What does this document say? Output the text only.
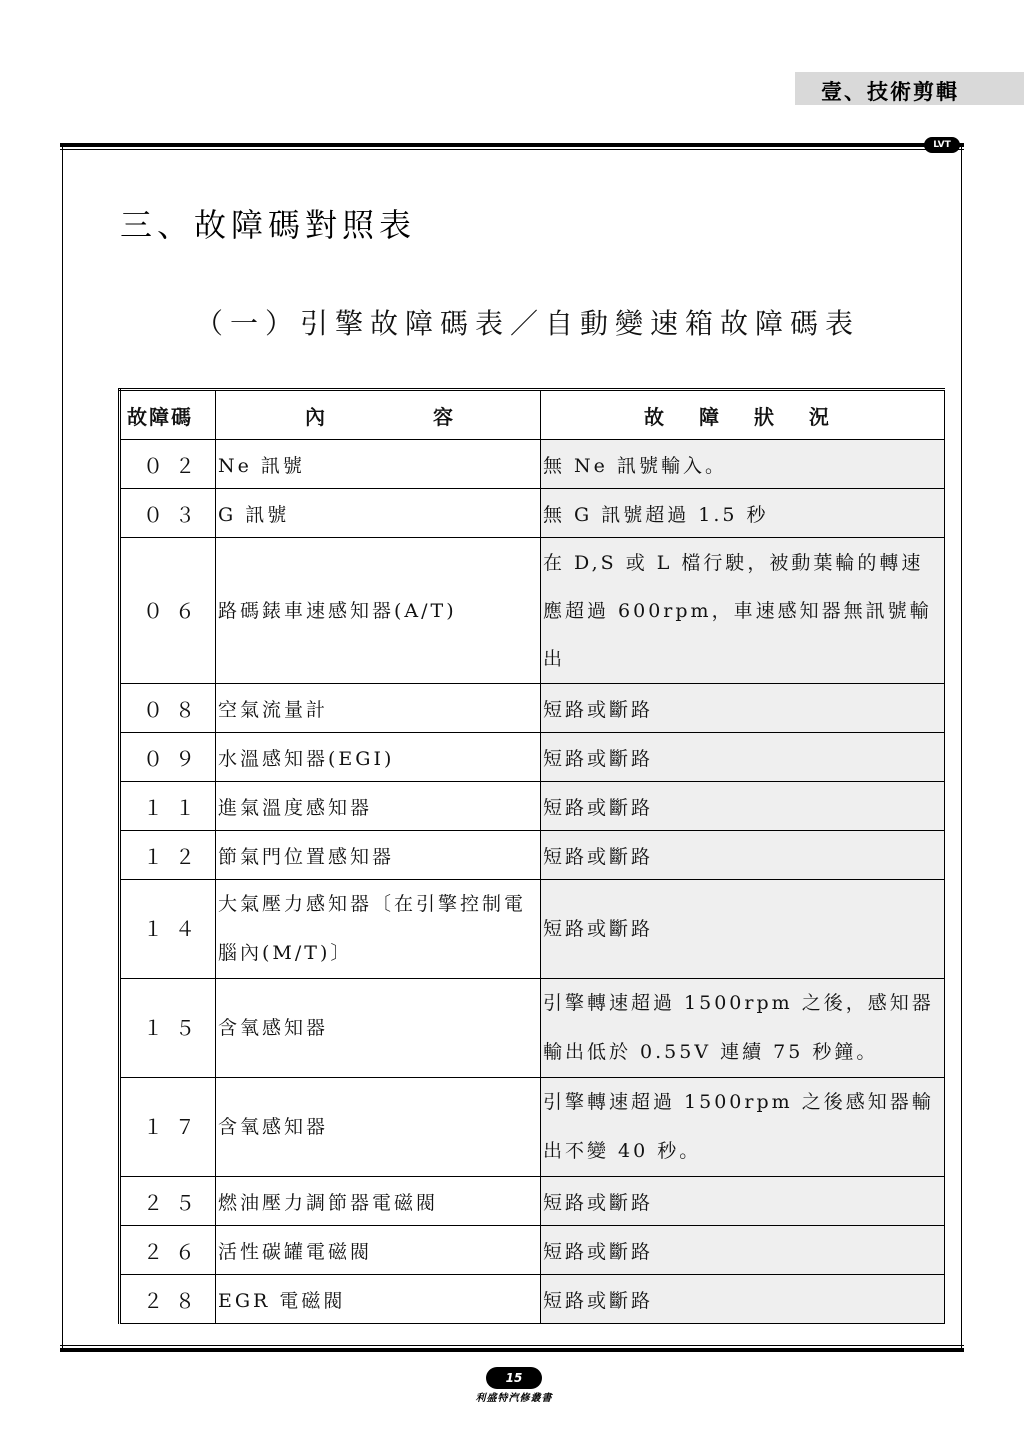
壹、技術剪輯
LVT
三、故障碼對照表
（一）引擎故障碼表／自動變速箱故障碼表
故障碼	內 容	故 障 狀 況
０２	Ne 訊號	無 Ne 訊號輸入。
０３	G 訊號	無 G 訊號超過 1.5 秒
０６	路碼錶車速感知器(A/T)	在 D,S 或 L 檔行駛，被動葉輪的轉速應超過 600rpm，車速感知器無訊號輸出
０８	空氣流量計	短路或斷路
０９	水溫感知器(EGI)	短路或斷路
１１	進氣溫度感知器	短路或斷路
１２	節氣門位置感知器	短路或斷路
１４	大氣壓力感知器〔在引擎控制電腦內(M/T)〕	短路或斷路
１５	含氧感知器	引擎轉速超過 1500rpm 之後，感知器輸出低於 0.55V 連續 75 秒鐘。
１７	含氧感知器	引擎轉速超過 1500rpm 之後感知器輸出不變 40 秒。
２５	燃油壓力調節器電磁閥	短路或斷路
２６	活性碳罐電磁閥	短路或斷路
２８	EGR 電磁閥	短路或斷路
15
利盛特汽修叢書
